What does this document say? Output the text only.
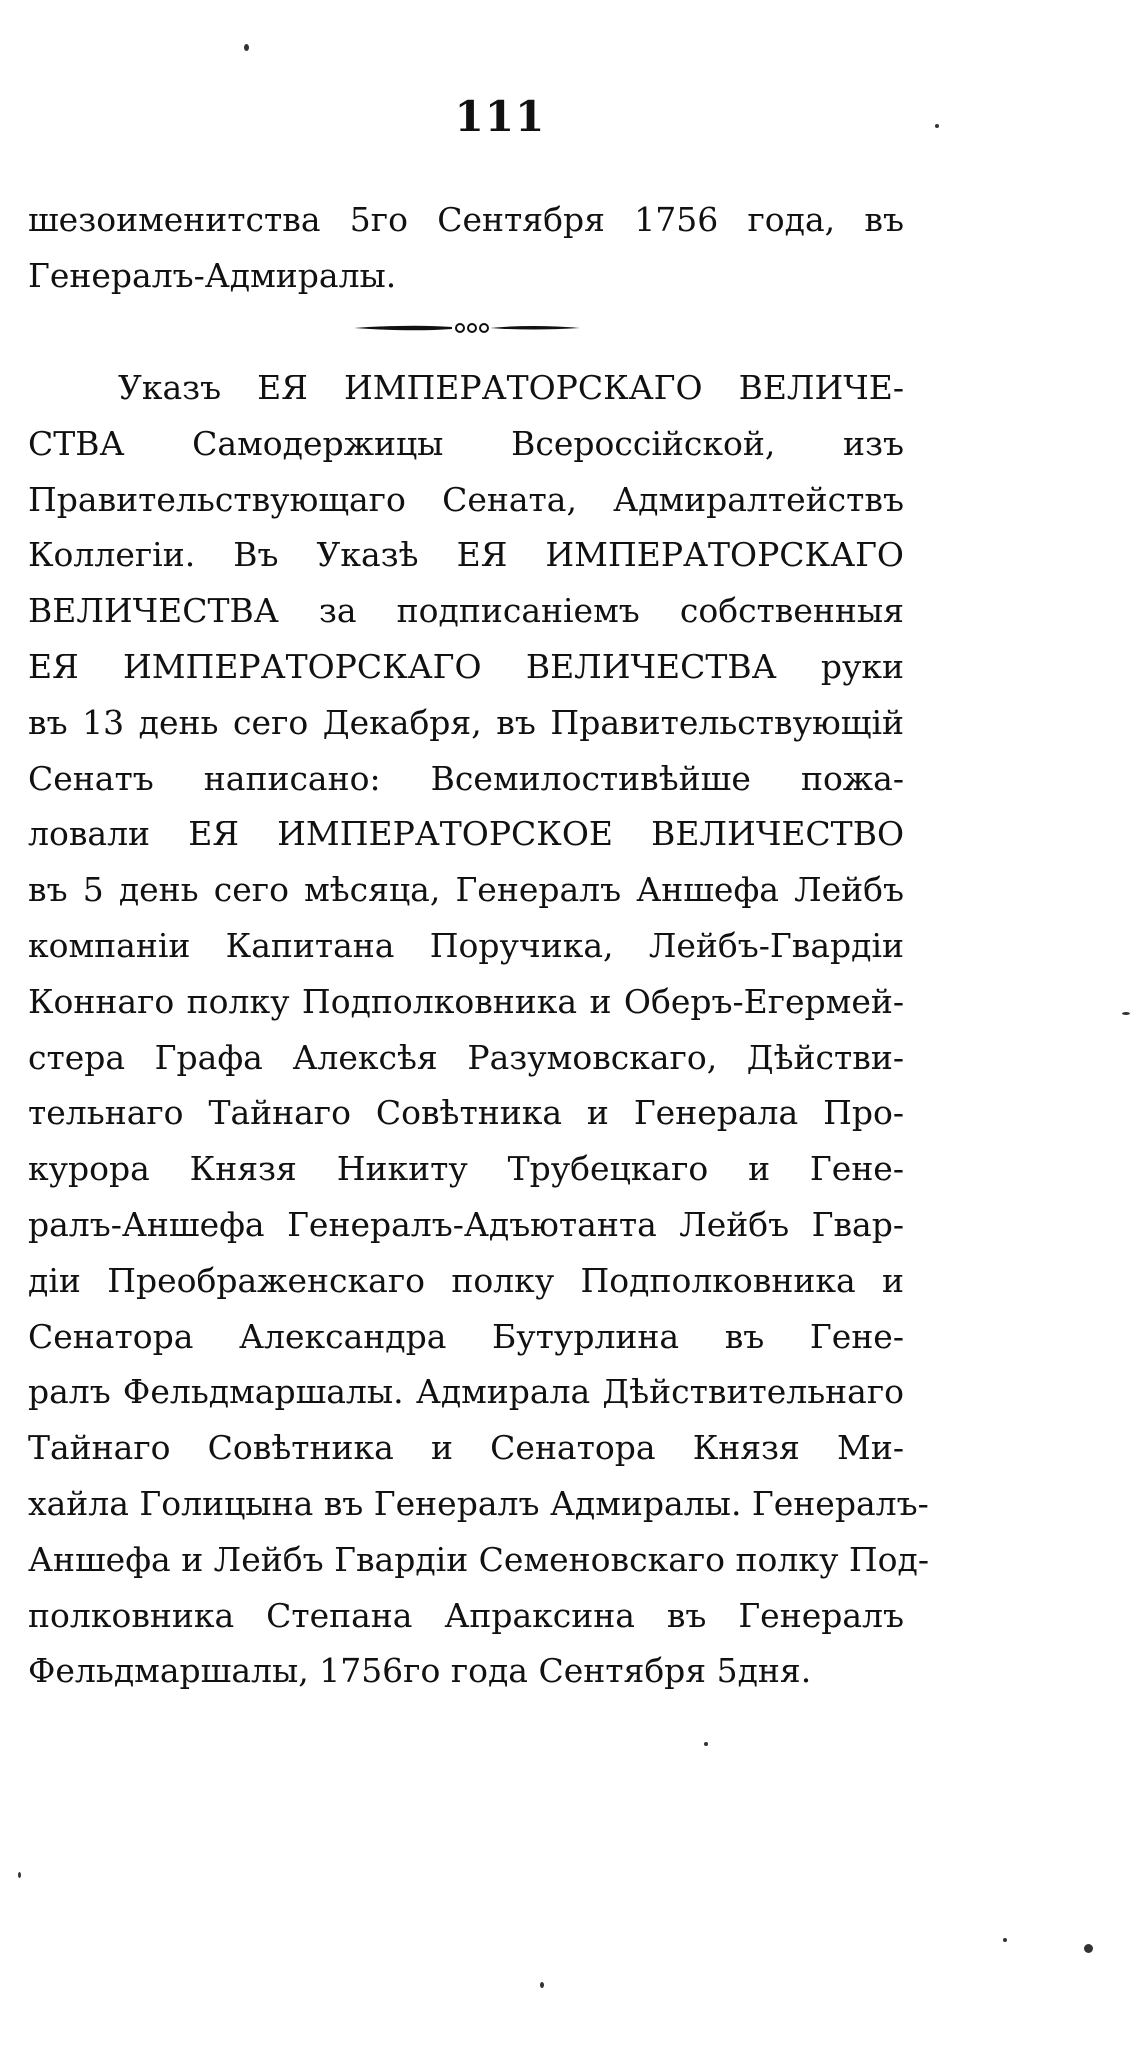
111
шезоименитства 5го Сентября 1756 года, въ
Генералъ-Адмиралы.
Указъ ЕЯ ИМПЕРАТОРСКАГО ВЕЛИЧЕ-
СТВА Самодержицы Всероссійской, изъ
Правительствующаго Сената, Адмиралтействъ
Коллегіи. Въ Указѣ ЕЯ ИМПЕРАТОРСКАГО
ВЕЛИЧЕСТВА за подписаніемъ собственныя
ЕЯ ИМПЕРАТОРСКАГО ВЕЛИЧЕСТВА руки
въ 13 день сего Декабря, въ Правительствующій
Сенатъ написано: Всемилостивѣйше пожа-
ловали ЕЯ ИМПЕРАТОРСКОЕ ВЕЛИЧЕСТВО
въ 5 день сего мѣсяца, Генералъ Аншефа Лейбъ
компаніи Капитана Поручика, Лейбъ-Гвардіи
Коннаго полку Подполковника и Оберъ-Егермей-
стера Графа Алексѣя Разумовскаго, Дѣйстви-
тельнаго Тайнаго Совѣтника и Генерала Про-
курора Князя Никиту Трубецкаго и Гене-
ралъ-Аншефа Генералъ-Адъютанта Лейбъ Гвар-
діи Преображенскаго полку Подполковника и
Сенатора Александра Бутурлина въ Гене-
ралъ Фельдмаршалы. Адмирала Дѣйствительнаго
Тайнаго Совѣтника и Сенатора Князя Ми-
хайла Голицына въ Генералъ Адмиралы. Генералъ-
Аншефа и Лейбъ Гвардіи Семеновскаго полку Под-
полковника Степана Апраксина въ Генералъ
Фельдмаршалы, 1756го года Сентября 5дня.
